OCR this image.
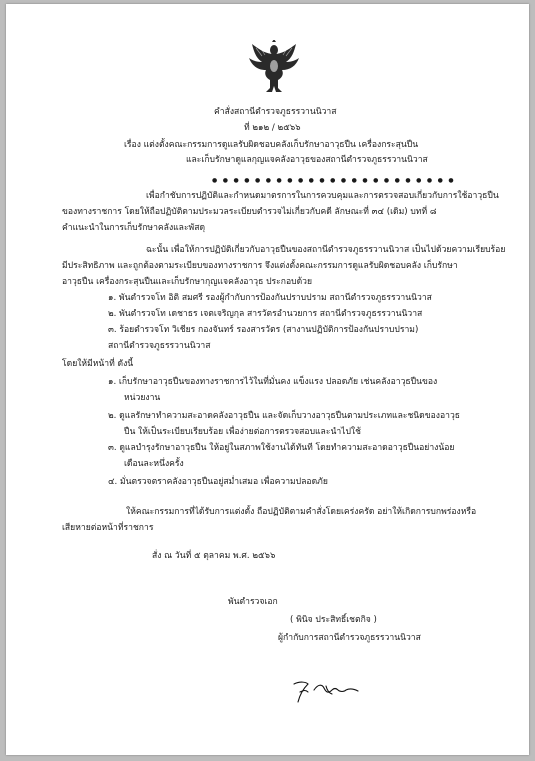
คำสั่งสถานีตำรวจภูธรรวานนิวาส
ที่ ๒๑๒ / ๒๕๖๖
เรื่อง แต่งตั้งคณะกรรมการดูแลรับผิดชอบคลังเก็บรักษาอาวุธปืน เครื่องกระสุนปืน
และเก็บรักษาดูแลกุญแจคลังอาวุธของสถานีตำรวจภูธรรวานนิวาส
● ● ● ● ● ● ● ● ● ● ● ● ● ● ● ● ● ● ● ● ● ● ●
เพื่อกำชับการปฏิบัติและกำหนดมาตรการในการควบคุมและการตรวจสอบเกี่ยวกับการใช้อาวุธปืน
ของทางราชการ โดยให้ถือปฏิบัติตามประมวลระเบียบตำรวจไม่เกี่ยวกับคดี ลักษณะที่ ๓๔ (เดิม) บทที่ ๘
คำแนะนำในการเก็บรักษาคลังและพัสดุ
ฉะนั้น เพื่อให้การปฏิบัติเกี่ยวกับอาวุธปืนของสถานีตำรวจภูธรรวานนิวาส เป็นไปด้วยความเรียบร้อย
มีประสิทธิภาพ และถูกต้องตามระเบียบของทางราชการ จึงแต่งตั้งคณะกรรมการดูแลรับผิดชอบคลัง เก็บรักษา
อาวุธปืน เครื่องกระสุนปืนและเก็บรักษากุญแจคลังอาวุธ ประกอบด้วย
๑. พันตำรวจโท อิติ สมศรี รองผู้กำกับการป้องกันปราบปราม สถานีตำรวจภูธรรวานนิวาส
๒. พันตำรวจโท เดชาธร เจตเจริญกุล สารวัตรอำนวยการ สถานีตำรวจภูธรรวานนิวาส
๓. ร้อยตำรวจโท วิเชียร กองจันทร์ รองสารวัตร (สางานปฏิบัติการป้องกันปราบปราม)
สถานีตำรวจภูธรรวานนิวาส
โดยให้มีหน้าที่ ดังนี้
๑. เก็บรักษาอาวุธปืนของทางราชการไว้ในที่มั่นคง แข็งแรง ปลอดภัย เช่นคลังอาวุธปืนของ
หน่วยงาน
๒. ดูแลรักษาทำความสะอาดคลังอาวุธปืน และจัดเก็บวางอาวุธปืนตามประเภทและชนิดของอาวุธ
ปืน ให้เป็นระเบียบเรียบร้อย เพื่อง่ายต่อการตรวจสอบและนำไปใช้
๓. ดูแลบำรุงรักษาอาวุธปืน ให้อยู่ในสภาพใช้งานได้ทันที โดยทำความสะอาดอาวุธปืนอย่างน้อย
เดือนละหนึ่งครั้ง
๔. มั่นตรวจตราคลังอาวุธปืนอยู่สม่ำเสมอ เพื่อความปลอดภัย
ให้คณะกรรมการที่ได้รับการแต่งตั้ง ถือปฏิบัติตามคำสั่งโดยเคร่งครัด อย่าให้เกิดการบกพร่องหรือ
เสียหายต่อหน้าที่ราชการ
สั่ง ณ วันที่ ๕ ตุลาคม พ.ศ. ๒๕๖๖
พันตำรวจเอก
( พินิจ ประสิทธิ์เชตกิจ )
ผู้กำกับการสถานีตำรวจภูธรรวานนิวาส
